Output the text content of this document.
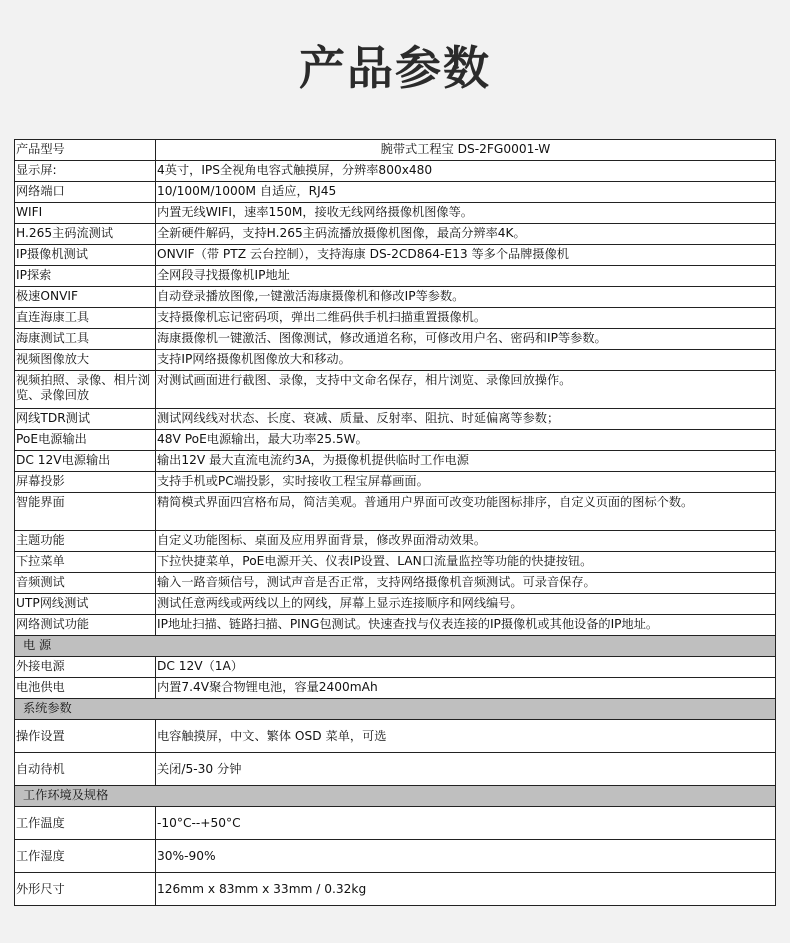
产品参数
产品型号	腕带式工程宝 DS-2FG0001-W
显示屏:	4英寸，IPS全视角电容式触摸屏，分辨率800x480
网络端口	10/100M/1000M 自适应，RJ45
WIFI	内置无线WIFI，速率150M，接收无线网络摄像机图像等。
H.265主码流测试	全新硬件解码，支持H.265主码流播放摄像机图像，最高分辨率4K。
IP摄像机测试	ONVIF（带 PTZ 云台控制），支持海康 DS-2CD864-E13 等多个品牌摄像机
IP探索	全网段寻找摄像机IP地址
极速ONVIF	自动登录播放图像,一键激活海康摄像机和修改IP等参数。
直连海康工具	支持摄像机忘记密码项，弹出二维码供手机扫描重置摄像机。
海康测试工具	海康摄像机一键激活、图像测试，修改通道名称，可修改用户名、密码和IP等参数。
视频图像放大	支持IP网络摄像机图像放大和移动。
视频拍照、录像、相片浏览、录像回放	对测试画面进行截图、录像，支持中文命名保存，相片浏览、录像回放操作。
网线TDR测试	测试网线线对状态、长度、衰减、质量、反射率、阻抗、时延偏离等参数；
PoE电源输出	48V PoE电源输出，最大功率25.5W。
DC 12V电源输出	输出12V 最大直流电流约3A，为摄像机提供临时工作电源
屏幕投影	支持手机或PC端投影，实时接收工程宝屏幕画面。
智能界面	精简模式界面四宫格布局，简洁美观。普通用户界面可改变功能图标排序，自定义页面的图标个数。
主题功能	自定义功能图标、桌面及应用界面背景，修改界面滑动效果。
下拉菜单	下拉快捷菜单，PoE电源开关、仪表IP设置、LAN口流量监控等功能的快捷按钮。
音频测试	输入一路音频信号，测试声音是否正常，支持网络摄像机音频测试。可录音保存。
UTP网线测试	测试任意两线或两线以上的网线，屏幕上显示连接顺序和网线编号。
网络测试功能	IP地址扫描、链路扫描、PING包测试。快速查找与仪表连接的IP摄像机或其他设备的IP地址。
电 源	
外接电源	DC 12V（1A）
电池供电	内置7.4V聚合物锂电池，容量2400mAh
系统参数	
操作设置	电容触摸屏，中文、繁体 OSD 菜单，可选
自动待机	关闭/5-30 分钟
工作环境及规格	
工作温度	-10°C--+50°C
工作湿度	30%-90%
外形尺寸	126mm x 83mm x 33mm / 0.32kg
